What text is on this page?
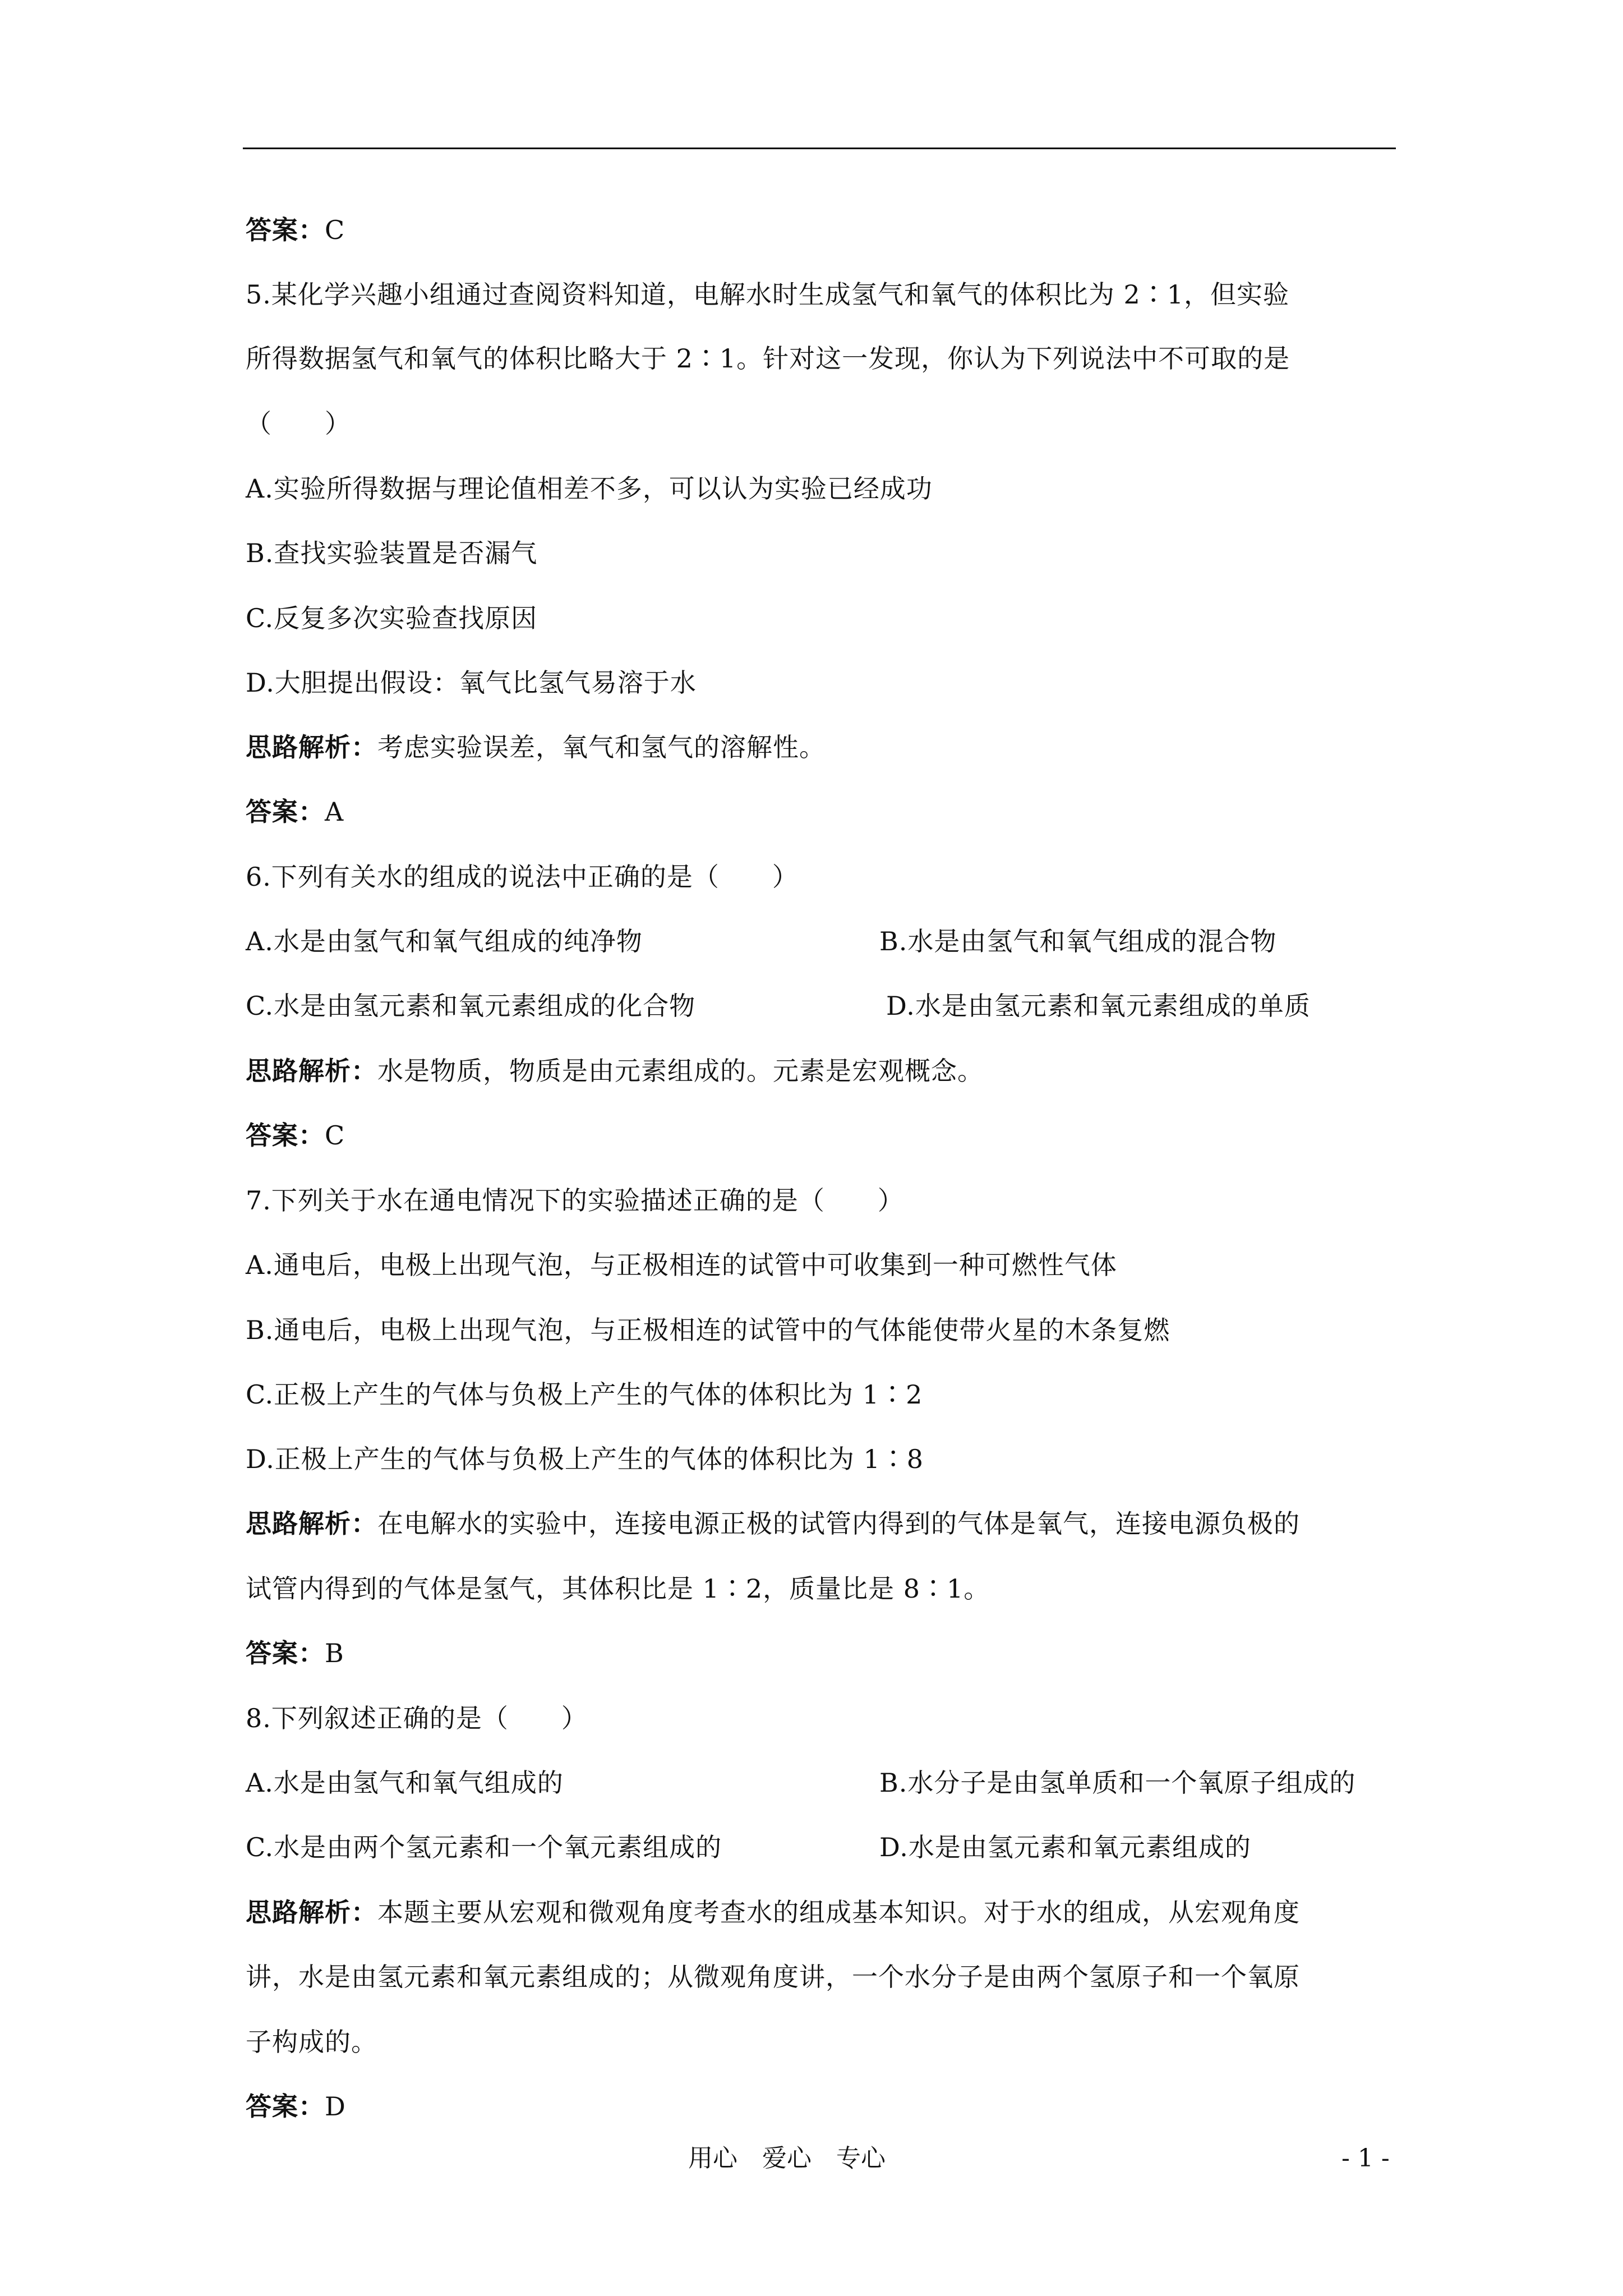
答案：C
5.某化学兴趣小组通过查阅资料知道，电解水时生成氢气和氧气的体积比为 2∶1，但实验
所得数据氢气和氧气的体积比略大于 2∶1。针对这一发现，你认为下列说法中不可取的是
（　　）
A.实验所得数据与理论值相差不多，可以认为实验已经成功
B.查找实验装置是否漏气
C.反复多次实验查找原因
D.大胆提出假设：氧气比氢气易溶于水
思路解析：考虑实验误差，氧气和氢气的溶解性。
答案：A
6.下列有关水的组成的说法中正确的是（　　）
A.水是由氢气和氧气组成的纯净物	B.水是由氢气和氧气组成的混合物
C.水是由氢元素和氧元素组成的化合物	D.水是由氢元素和氧元素组成的单质
思路解析：水是物质，物质是由元素组成的。元素是宏观概念。
答案：C
7.下列关于水在通电情况下的实验描述正确的是（　　）
A.通电后，电极上出现气泡，与正极相连的试管中可收集到一种可燃性气体
B.通电后，电极上出现气泡，与正极相连的试管中的气体能使带火星的木条复燃
C.正极上产生的气体与负极上产生的气体的体积比为 1∶2
D.正极上产生的气体与负极上产生的气体的体积比为 1∶8
思路解析：在电解水的实验中，连接电源正极的试管内得到的气体是氧气，连接电源负极的
试管内得到的气体是氢气，其体积比是 1∶2，质量比是 8∶1。
答案：B
8.下列叙述正确的是（　　）
A.水是由氢气和氧气组成的	B.水分子是由氢单质和一个氧原子组成的
C.水是由两个氢元素和一个氧元素组成的	D.水是由氢元素和氧元素组成的
思路解析：本题主要从宏观和微观角度考查水的组成基本知识。对于水的组成，从宏观角度
讲，水是由氢元素和氧元素组成的；从微观角度讲，一个水分子是由两个氢原子和一个氧原
子构成的。
答案：D
用心　爱心　专心	- 1 -
